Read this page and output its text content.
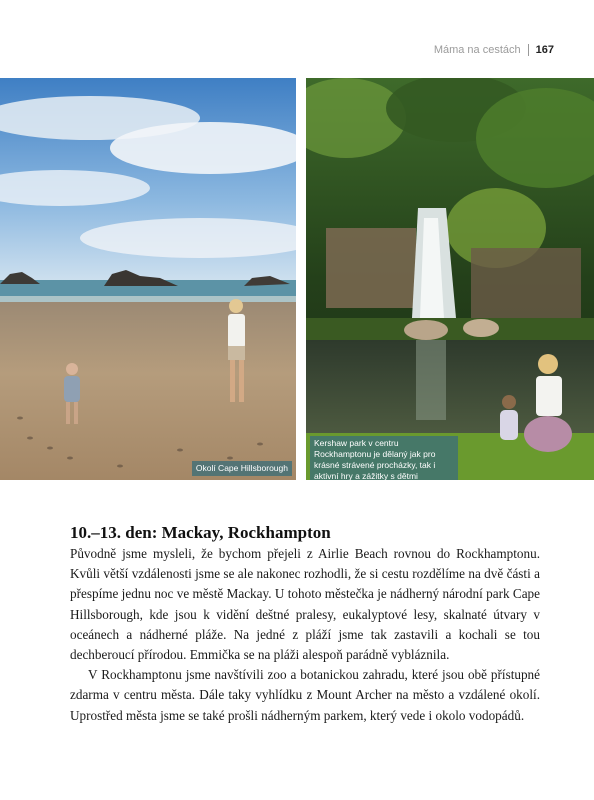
Máma na cestách 167
Okolí Cape Hillsborough
Kershaw park v centru Rockhamptonu je dělaný jak pro krásné strávené procházky, tak i aktivní hry a zážitky s dětmi
10.–13. den: Mackay, Rockhampton

Původně jsme mysleli, že bychom přejeli z Airlie Beach rovnou do Rockhamptonu. Kvůli větší vzdálenosti jsme se ale nakonec rozhodli, že si cestu rozdělíme na dvě části a přespíme jednu noc ve městě Mackay. U tohoto městečka je nádherný národní park Cape Hillsborough, kde jsou k vidění deštné pralesy, eukalyptové lesy, skalnaté útvary v oceánech a nádherné pláže. Na jedné z pláží jsme tak zastavili a kochali se tou dechberoucí přírodou. Emmička se na pláži alespoň parádně vybláznila.

V Rockhamptonu jsme navštívili zoo a botanickou zahradu, které jsou obě přístupné zdarma v centru města. Dále taky vyhlídku z Mount Archer na město a vzdálené okolí. Uprostřed města jsme se také prošli nádherným parkem, který vede i okolo vodopádů.
